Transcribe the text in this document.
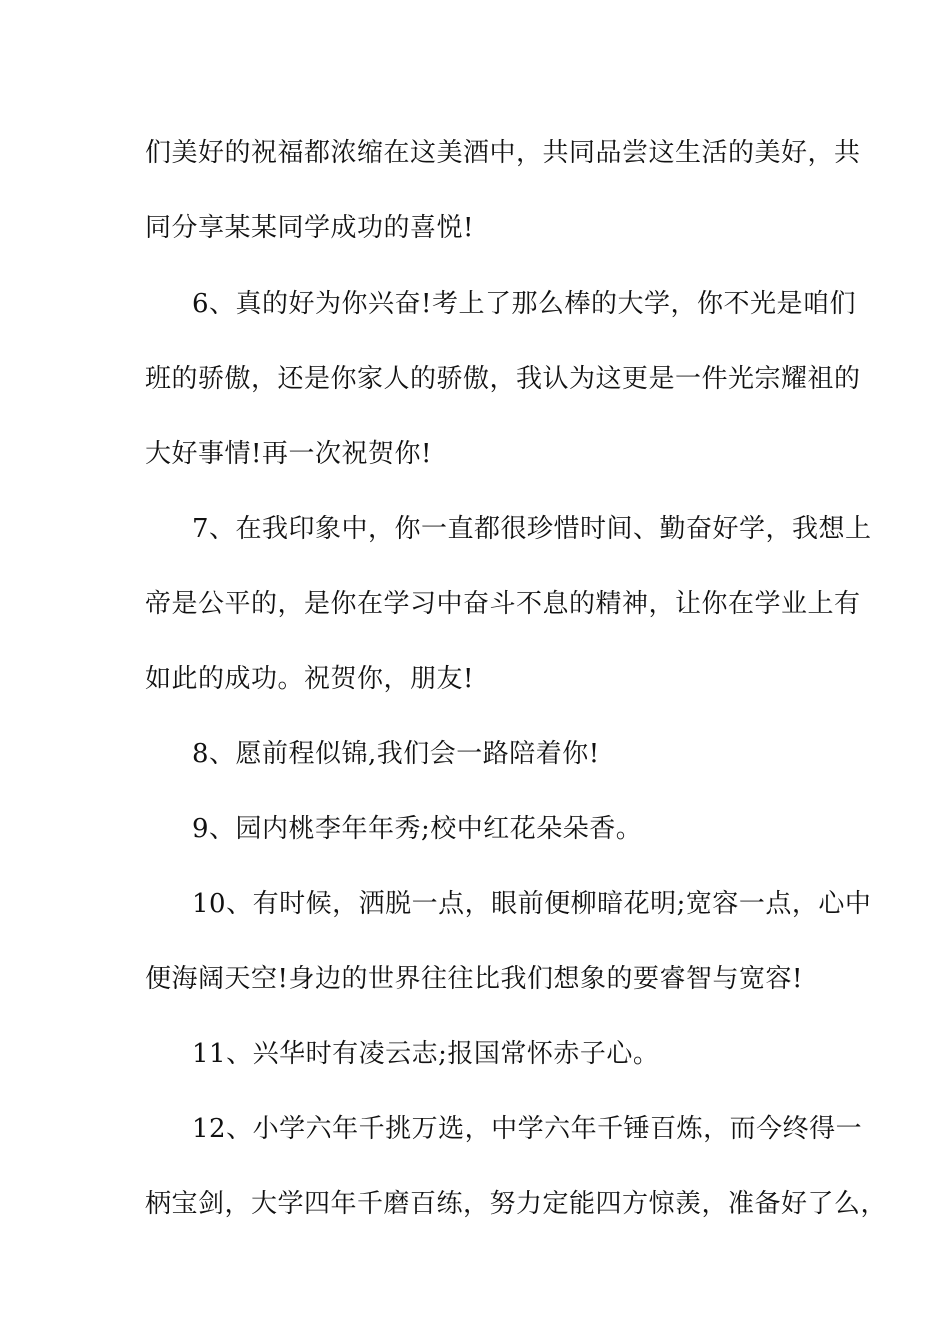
们美好的祝福都浓缩在这美酒中，共同品尝这生活的美好，共
同分享某某同学成功的喜悦!
6、真的好为你兴奋!考上了那么棒的大学，你不光是咱们
班的骄傲，还是你家人的骄傲，我认为这更是一件光宗耀祖的
大好事情!再一次祝贺你!
7、在我印象中，你一直都很珍惜时间、勤奋好学，我想上
帝是公平的，是你在学习中奋斗不息的精神，让你在学业上有
如此的成功。祝贺你，朋友!
8、愿前程似锦,我们会一路陪着你!
9、园内桃李年年秀;校中红花朵朵香。
10、有时候，洒脱一点，眼前便柳暗花明;宽容一点，心中
便海阔天空!身边的世界往往比我们想象的要睿智与宽容!
11、兴华时有凌云志;报国常怀赤子心。
12、小学六年千挑万选，中学六年千锤百炼，而今终得一
柄宝剑，大学四年千磨百练，努力定能四方惊羡，准备好了么，
